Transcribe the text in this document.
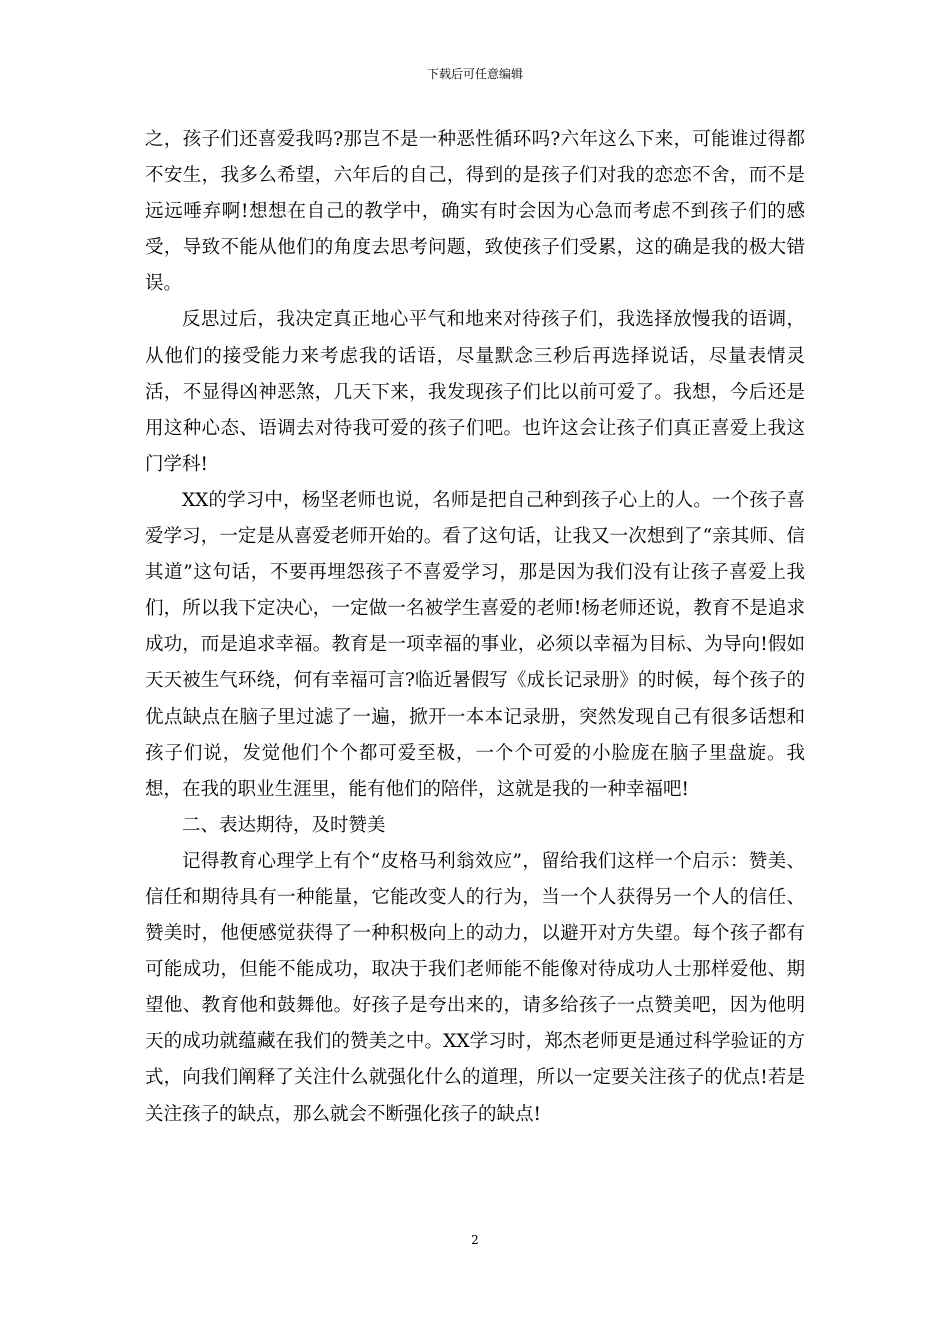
下载后可任意编辑

之，孩子们还喜爱我吗?那岂不是一种恶性循环吗?六年这么下来，可能谁过得都不安生，我多么希望，六年后的自己，得到的是孩子们对我的恋恋不舍，而不是远远唾弃啊!想想在自己的教学中，确实有时会因为心急而考虑不到孩子们的感受，导致不能从他们的角度去思考问题，致使孩子们受累，这的确是我的极大错误。

反思过后，我决定真正地心平气和地来对待孩子们，我选择放慢我的语调，从他们的接受能力来考虑我的话语，尽量默念三秒后再选择说话，尽量表情灵活，不显得凶神恶煞，几天下来，我发现孩子们比以前可爱了。我想，今后还是用这种心态、语调去对待我可爱的孩子们吧。也许这会让孩子们真正喜爱上我这门学科!

XX的学习中，杨坚老师也说，名师是把自己种到孩子心上的人。一个孩子喜爱学习，一定是从喜爱老师开始的。看了这句话，让我又一次想到了“亲其师、信其道”这句话，不要再埋怨孩子不喜爱学习，那是因为我们没有让孩子喜爱上我们，所以我下定决心，一定做一名被学生喜爱的老师!杨老师还说，教育不是追求成功，而是追求幸福。教育是一项幸福的事业，必须以幸福为目标、为导向!假如天天被生气环绕，何有幸福可言?临近暑假写《成长记录册》的时候，每个孩子的优点缺点在脑子里过滤了一遍，掀开一本本记录册，突然发现自己有很多话想和孩子们说，发觉他们个个都可爱至极，一个个可爱的小脸庞在脑子里盘旋。我想，在我的职业生涯里，能有他们的陪伴，这就是我的一种幸福吧!

二、表达期待，及时赞美

记得教育心理学上有个“皮格马利翁效应”，留给我们这样一个启示：赞美、信任和期待具有一种能量，它能改变人的行为，当一个人获得另一个人的信任、赞美时，他便感觉获得了一种积极向上的动力，以避开对方失望。每个孩子都有可能成功，但能不能成功，取决于我们老师能不能像对待成功人士那样爱他、期望他、教育他和鼓舞他。好孩子是夸出来的，请多给孩子一点赞美吧，因为他明天的成功就蕴藏在我们的赞美之中。XX学习时，郑杰老师更是通过科学验证的方式，向我们阐释了关注什么就强化什么的道理，所以一定要关注孩子的优点!若是关注孩子的缺点，那么就会不断强化孩子的缺点!

2
